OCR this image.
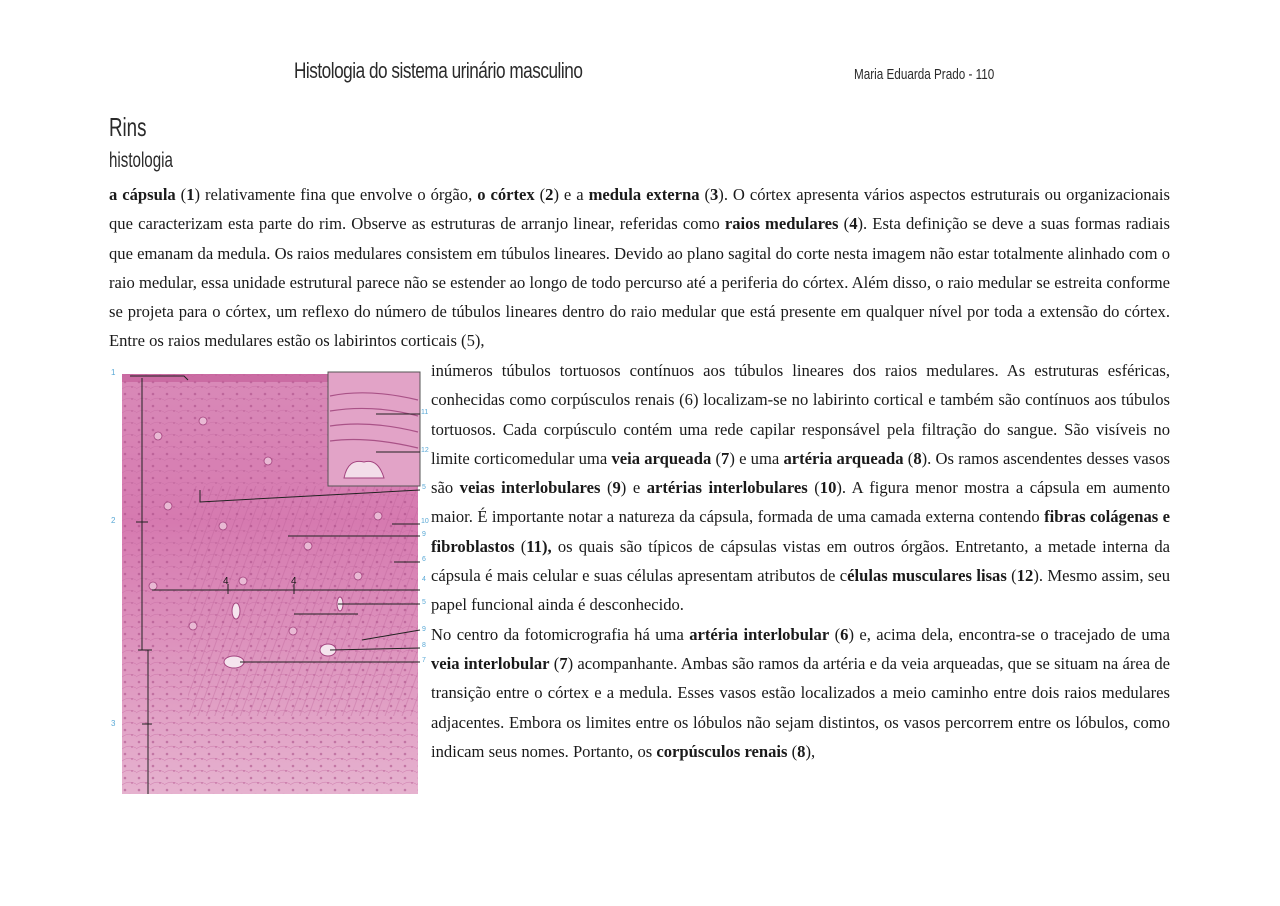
Histologia do sistema urinário masculino	Maria Eduarda Prado - 110
Rins
histologia

a cápsula (1) relativamente fina que envolve o órgão, o córtex (2) e a medula externa (3). O córtex apresenta vários aspectos estruturais ou organizacionais que caracterizam esta parte do rim. Observe as estruturas de arranjo linear, referidas como raios medulares (4). Esta definição se deve a suas formas radiais que emanam da medula. Os raios medulares consistem em túbulos lineares. Devido ao plano sagital do corte nesta imagem não estar totalmente alinhado com o raio medular, essa unidade estrutural parece não se estender ao longo de todo percurso até a periferia do córtex. Além disso, o raio medular se estreita conforme se projeta para o córtex, um reflexo do número de túbulos lineares dentro do raio medular que está presente em qualquer nível por toda a extensão do córtex. Entre os raios medulares estão os labirintos corticais (5),

inúmeros túbulos tortuosos contínuos aos túbulos lineares dos raios medulares. As estruturas esféricas, conhecidas como corpúsculos renais (6) localizam-se no labirinto cortical e também são contínuos aos túbulos tortuosos. Cada corpúsculo contém uma rede capilar responsável pela filtração do sangue. São visíveis no limite corticomedular uma veia arqueada (7) e uma artéria arqueada (8). Os ramos ascendentes desses vasos são veias interlobulares (9) e artérias interlobulares (10). A figura menor mostra a cápsula em aumento maior. É importante notar a natureza da cápsula, formada de uma camada externa contendo fibras colágenas e fibroblastos (11), os quais são típicos de cápsulas vistas em outros órgãos. Entretanto, a metade interna da cápsula é mais celular e suas células apresentam atributos de células musculares lisas (12). Mesmo assim, seu papel funcional ainda é desconhecido.

No centro da fotomicrografia há uma artéria interlobular (6) e, acima dela, encontra-se o tracejado de uma veia interlobular (7) acompanhante. Ambas são ramos da artéria e da veia arqueadas, que se situam na área de transição entre o córtex e a medula. Esses vasos estão localizados a meio caminho entre dois raios medulares adjacentes. Embora os limites entre os lóbulos não sejam distintos, os vasos percorrem entre os lóbulos, como indicam seus nomes. Portanto, os corpúsculos renais (8),

1
2
3
4	4
11
12
5
10
9
6
4
5
9
8
7
